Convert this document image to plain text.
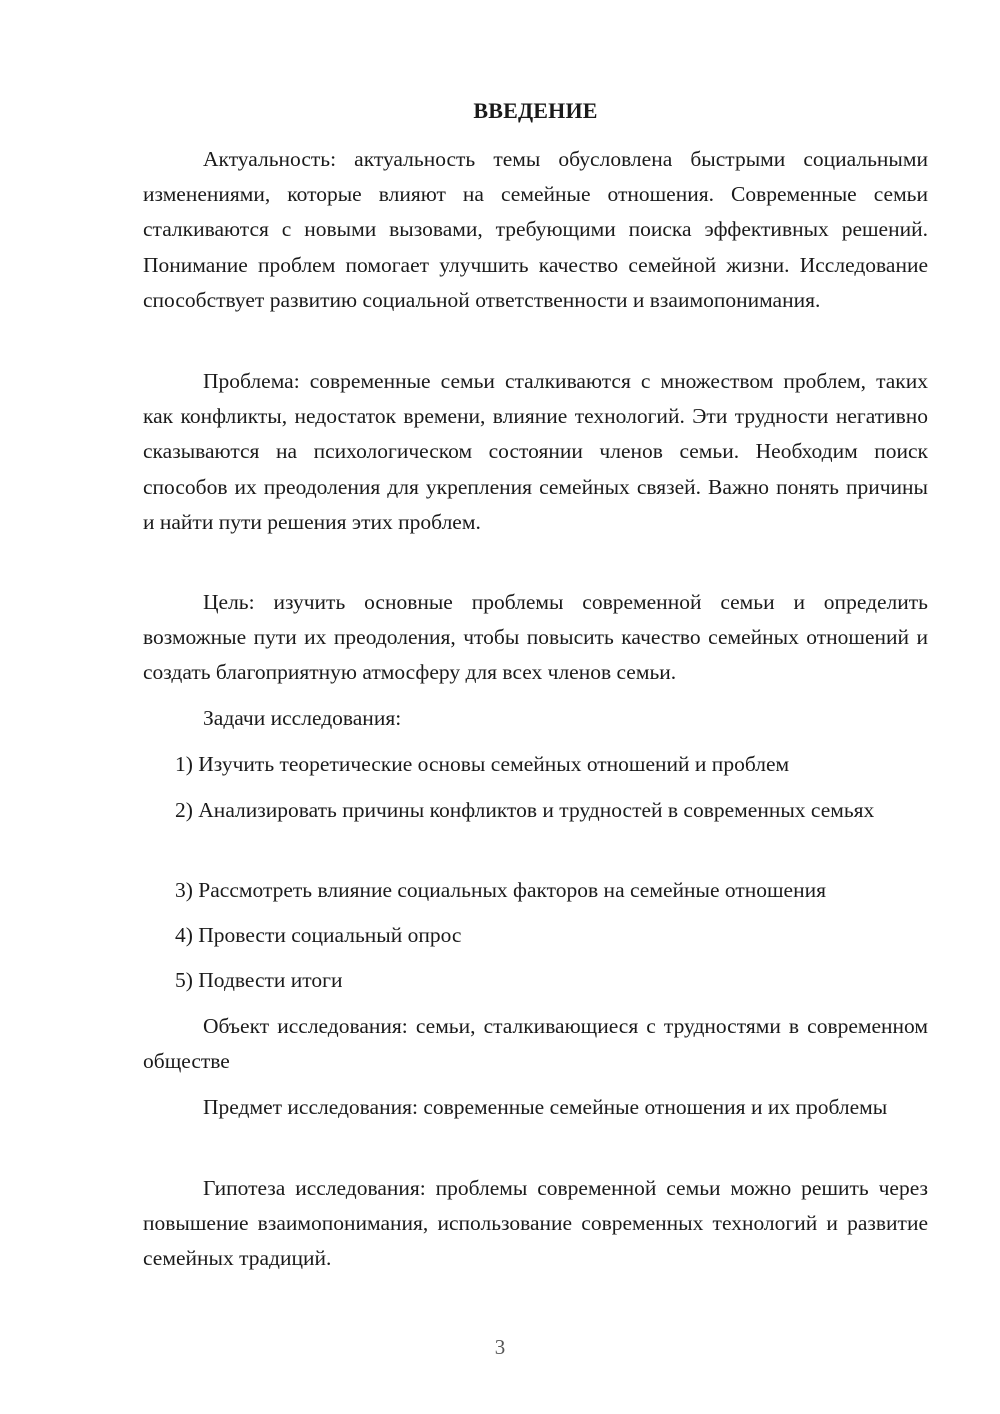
ВВЕДЕНИЕ

Актуальность: актуальность темы обусловлена быстрыми социальными изменениями, которые влияют на семейные отношения. Современные семьи сталкиваются с новыми вызовами, требующими поиска эффективных решений. Понимание проблем помогает улучшить качество семейной жизни. Исследование способствует развитию социальной ответственности и взаимопонимания.

Проблема: современные семьи сталкиваются с множеством проблем, таких как конфликты, недостаток времени, влияние технологий. Эти трудности негативно сказываются на психологическом состоянии членов семьи. Необходим поиск способов их преодоления для укрепления семейных связей. Важно понять причины и найти пути решения этих проблем.

Цель: изучить основные проблемы современной семьи и определить возможные пути их преодоления, чтобы повысить качество семейных отношений и создать благоприятную атмосферу для всех членов семьи.

Задачи исследования:

1) Изучить теоретические основы семейных отношений и проблем

2) Анализировать причины конфликтов и трудностей в современных семьях

3) Рассмотреть влияние социальных факторов на семейные отношения

4) Провести социальный опрос

5) Подвести итоги

Объект исследования: семьи, сталкивающиеся с трудностями в современном обществе

Предмет исследования: современные семейные отношения и их проблемы

Гипотеза исследования: проблемы современной семьи можно решить через повышение взаимопонимания, использование современных технологий и развитие семейных традиций.

3
